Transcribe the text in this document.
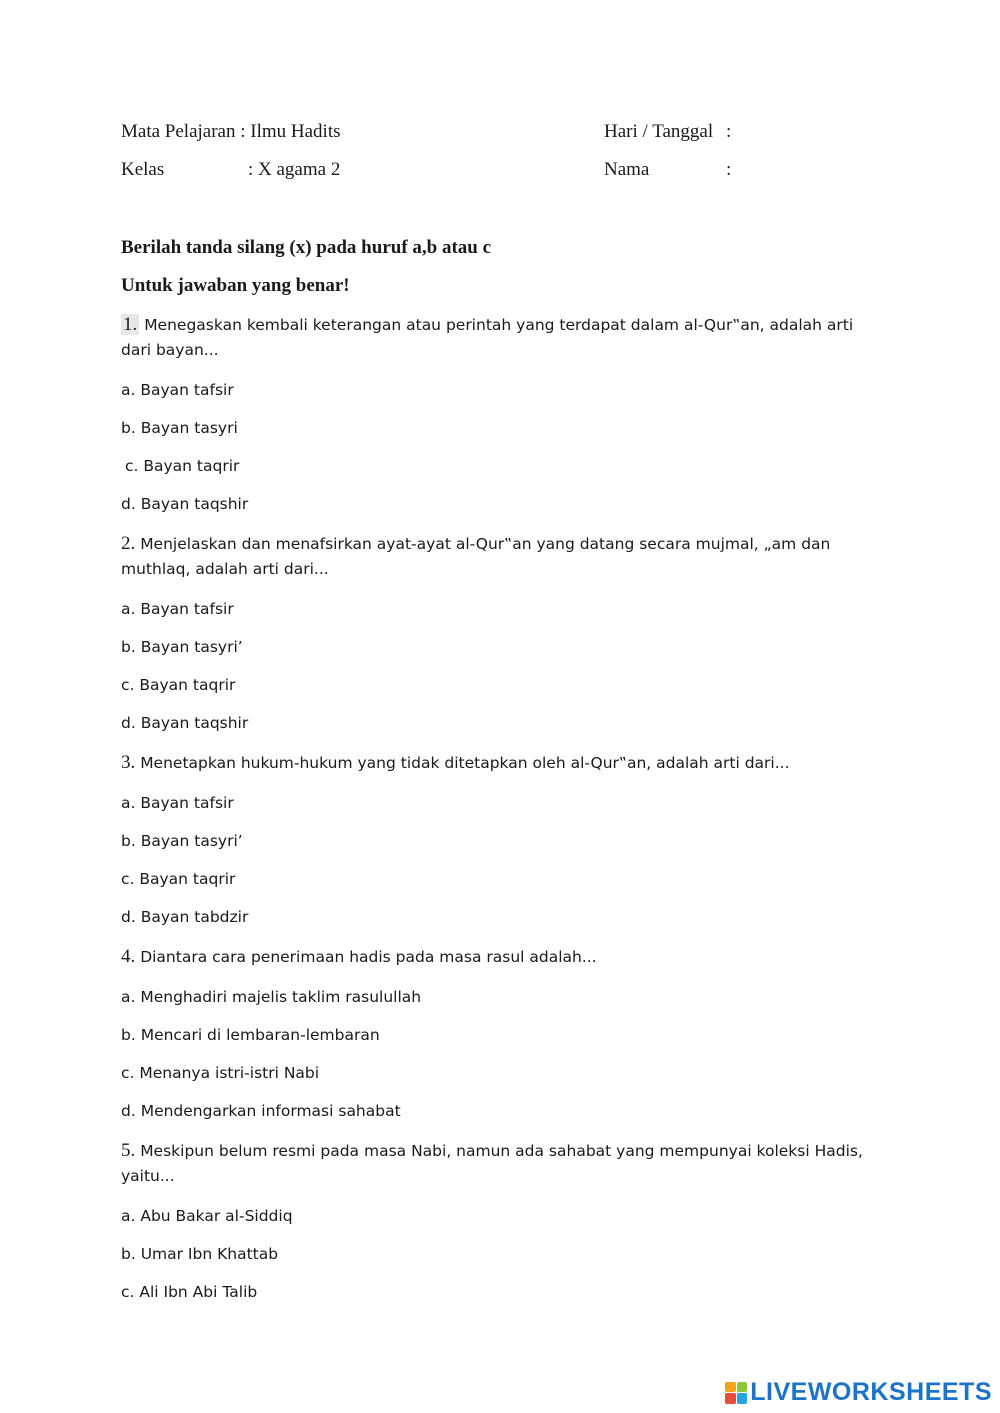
Mata Pelajaran : Ilmu Hadits
Kelas	: X agama 2
Hari / Tanggal :
Nama	:
Berilah tanda silang (x) pada huruf a,b atau c
Untuk jawaban yang benar!

1. Menegaskan kembali keterangan atau perintah yang terdapat dalam al-Qur‟an, adalah arti dari bayan...

a. Bayan tafsir
b. Bayan tasyri
c. Bayan taqrir
d. Bayan taqshir

2. Menjelaskan dan menafsirkan ayat-ayat al-Qur‟an yang datang secara mujmal, „am dan muthlaq, adalah arti dari...

a. Bayan tafsir
b. Bayan tasyri’
c. Bayan taqrir
d. Bayan taqshir

3. Menetapkan hukum-hukum yang tidak ditetapkan oleh al-Qur‟an, adalah arti dari...

a. Bayan tafsir
b. Bayan tasyri’
c. Bayan taqrir
d. Bayan tabdzir

4. Diantara cara penerimaan hadis pada masa rasul adalah...

a. Menghadiri majelis taklim rasulullah
b. Mencari di lembaran-lembaran
c. Menanya istri-istri Nabi
d. Mendengarkan informasi sahabat

5. Meskipun belum resmi pada masa Nabi, namun ada sahabat yang mempunyai koleksi Hadis, yaitu...

a. Abu Bakar al-Siddiq
b. Umar Ibn Khattab
c. Ali Ibn Abi Talib
LIVEWORKSHEETS
